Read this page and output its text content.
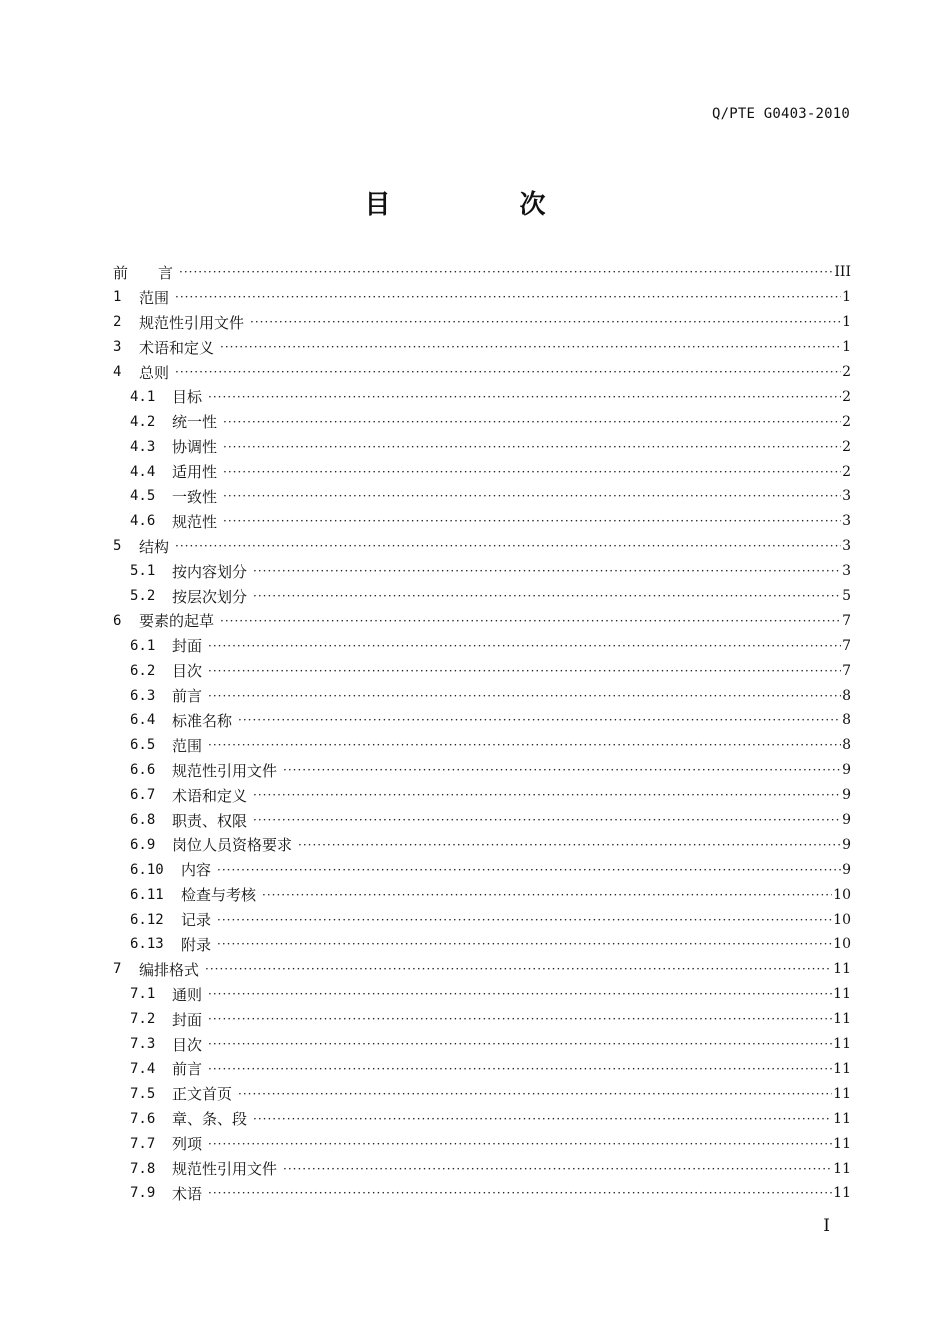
Q/PTE G0403-2010
目 次
前　　言 ·····	III
1	范围 ·····	1
2	规范性引用文件 ·····	1
3	术语和定义 ·····	1
4	总则 ·····	2
4.1	目标 ·····	2
4.2	统一性 ·····	2
4.3	协调性 ·····	2
4.4	适用性 ·····	2
4.5	一致性 ·····	3
4.6	规范性 ·····	3
5	结构 ·····	3
5.1	按内容划分 ·····	3
5.2	按层次划分 ·····	5
6	要素的起草 ·····	7
6.1	封面 ·····	7
6.2	目次 ·····	7
6.3	前言 ·····	8
6.4	标准名称 ·····	8
6.5	范围 ·····	8
6.6	规范性引用文件 ·····	9
6.7	术语和定义 ·····	9
6.8	职责、权限 ·····	9
6.9	岗位人员资格要求 ·····	9
6.10	内容 ·····	9
6.11	检查与考核 ·····	10
6.12	记录 ·····	10
6.13	附录 ·····	10
7	编排格式 ·····	11
7.1	通则 ·····	11
7.2	封面 ·····	11
7.3	目次 ·····	11
7.4	前言 ·····	11
7.5	正文首页 ·····	11
7.6	章、条、段 ·····	11
7.7	列项 ·····	11
7.8	规范性引用文件 ·····	11
7.9	术语 ·····	11
I
